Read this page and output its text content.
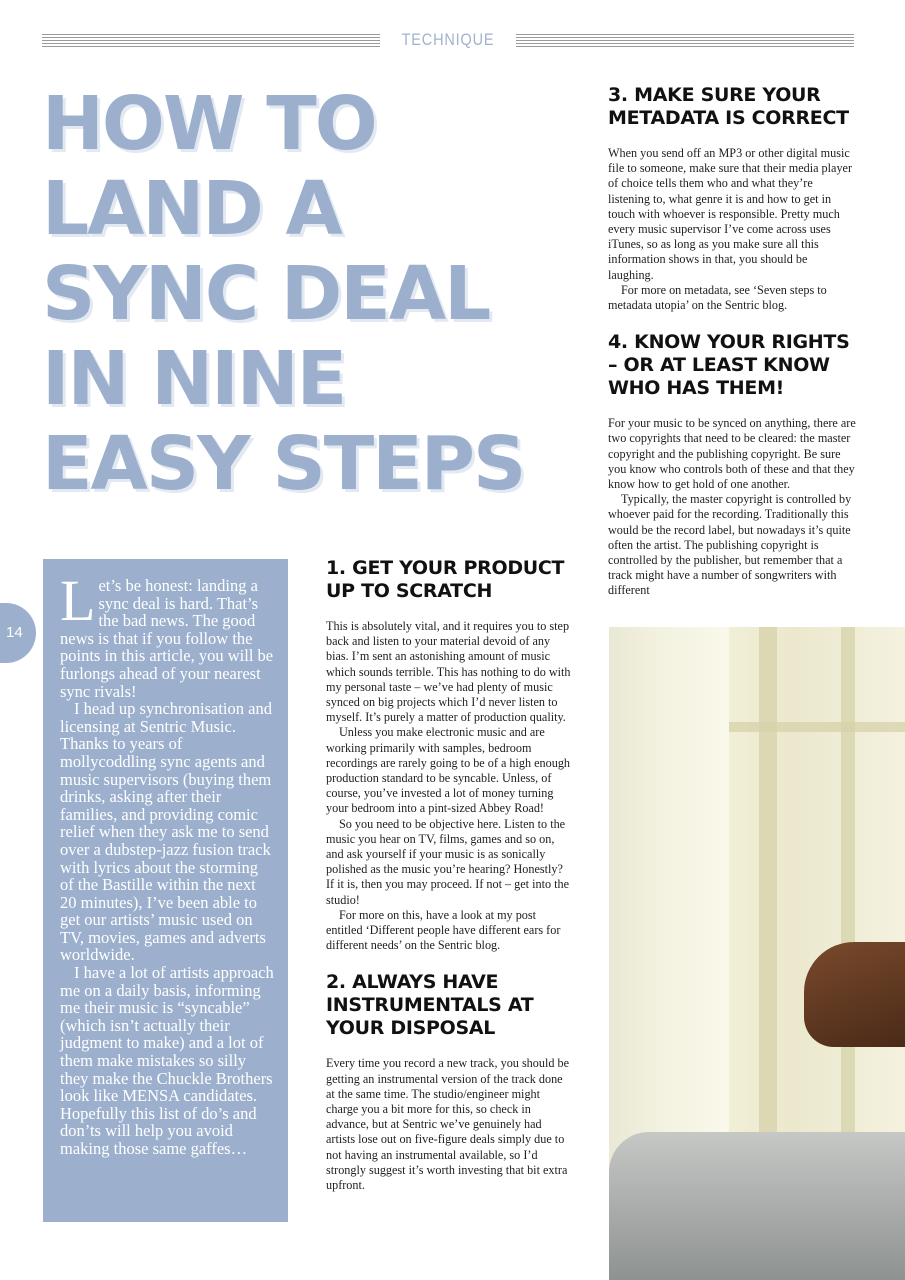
TECHNIQUE
HOW TO
LAND A
SYNC DEAL
IN NINE
EASY STEPS
14 Let’s be honest: landing a sync deal is hard. That’s the bad news. The good news is that if you follow the points in this article, you will be furlongs ahead of your nearest sync rivals!

I head up synchronisation and licensing at Sentric Music. Thanks to years of mollycoddling sync agents and music supervisors (buying them drinks, asking after their families, and providing comic relief when they ask me to send over a dubstep-jazz fusion track with lyrics about the storming of the Bastille within the next 20 minutes), I’ve been able to get our artists’ music used on TV, movies, games and adverts worldwide.

I have a lot of artists approach me on a daily basis, informing me their music is “syncable” (which isn’t actually their judgment to make) and a lot of them make mistakes so silly they make the Chuckle Brothers look like MENSA candidates. Hopefully this list of do’s and don’ts will help you avoid making those same gaffes…

1. GET YOUR PRODUCT UP TO SCRATCH

This is absolutely vital, and it requires you to step back and listen to your material devoid of any bias. I’m sent an astonishing amount of music which sounds terrible. This has nothing to do with my personal taste – we’ve had plenty of music synced on big projects which I’d never listen to myself. It’s purely a matter of production quality.

Unless you make electronic music and are working primarily with samples, bedroom recordings are rarely going to be of a high enough production standard to be syncable. Unless, of course, you’ve invested a lot of money turning your bedroom into a pint-sized Abbey Road!

So you need to be objective here. Listen to the music you hear on TV, films, games and so on, and ask yourself if your music is as sonically polished as the music you’re hearing? Honestly? If it is, then you may proceed. If not – get into the studio!

For more on this, have a look at my post entitled ‘Different people have different ears for different needs’ on the Sentric blog.

2. ALWAYS HAVE INSTRUMENTALS AT YOUR DISPOSAL

Every time you record a new track, you should be getting an instrumental version of the track done at the same time. The studio/engineer might charge you a bit more for this, so check in advance, but at Sentric we’ve genuinely had artists lose out on five-figure deals simply due to not having an instrumental available, so I’d strongly suggest it’s worth investing that bit extra upfront.

3. MAKE SURE YOUR METADATA IS CORRECT

When you send off an MP3 or other digital music file to someone, make sure that their media player of choice tells them who and what they’re listening to, what genre it is and how to get in touch with whoever is responsible. Pretty much every music supervisor I’ve come across uses iTunes, so as long as you make sure all this information shows in that, you should be laughing.

For more on metadata, see ‘Seven steps to metadata utopia’ on the Sentric blog.

4. KNOW YOUR RIGHTS – OR AT LEAST KNOW WHO HAS THEM!

For your music to be synced on anything, there are two copyrights that need to be cleared: the master copyright and the publishing copyright. Be sure you know who controls both of these and that they know how to get hold of one another.

Typically, the master copyright is controlled by whoever paid for the recording. Traditionally this would be the record label, but nowadays it’s quite often the artist. The publishing copyright is controlled by the publisher, but remember that a track might have a number of songwriters with different
